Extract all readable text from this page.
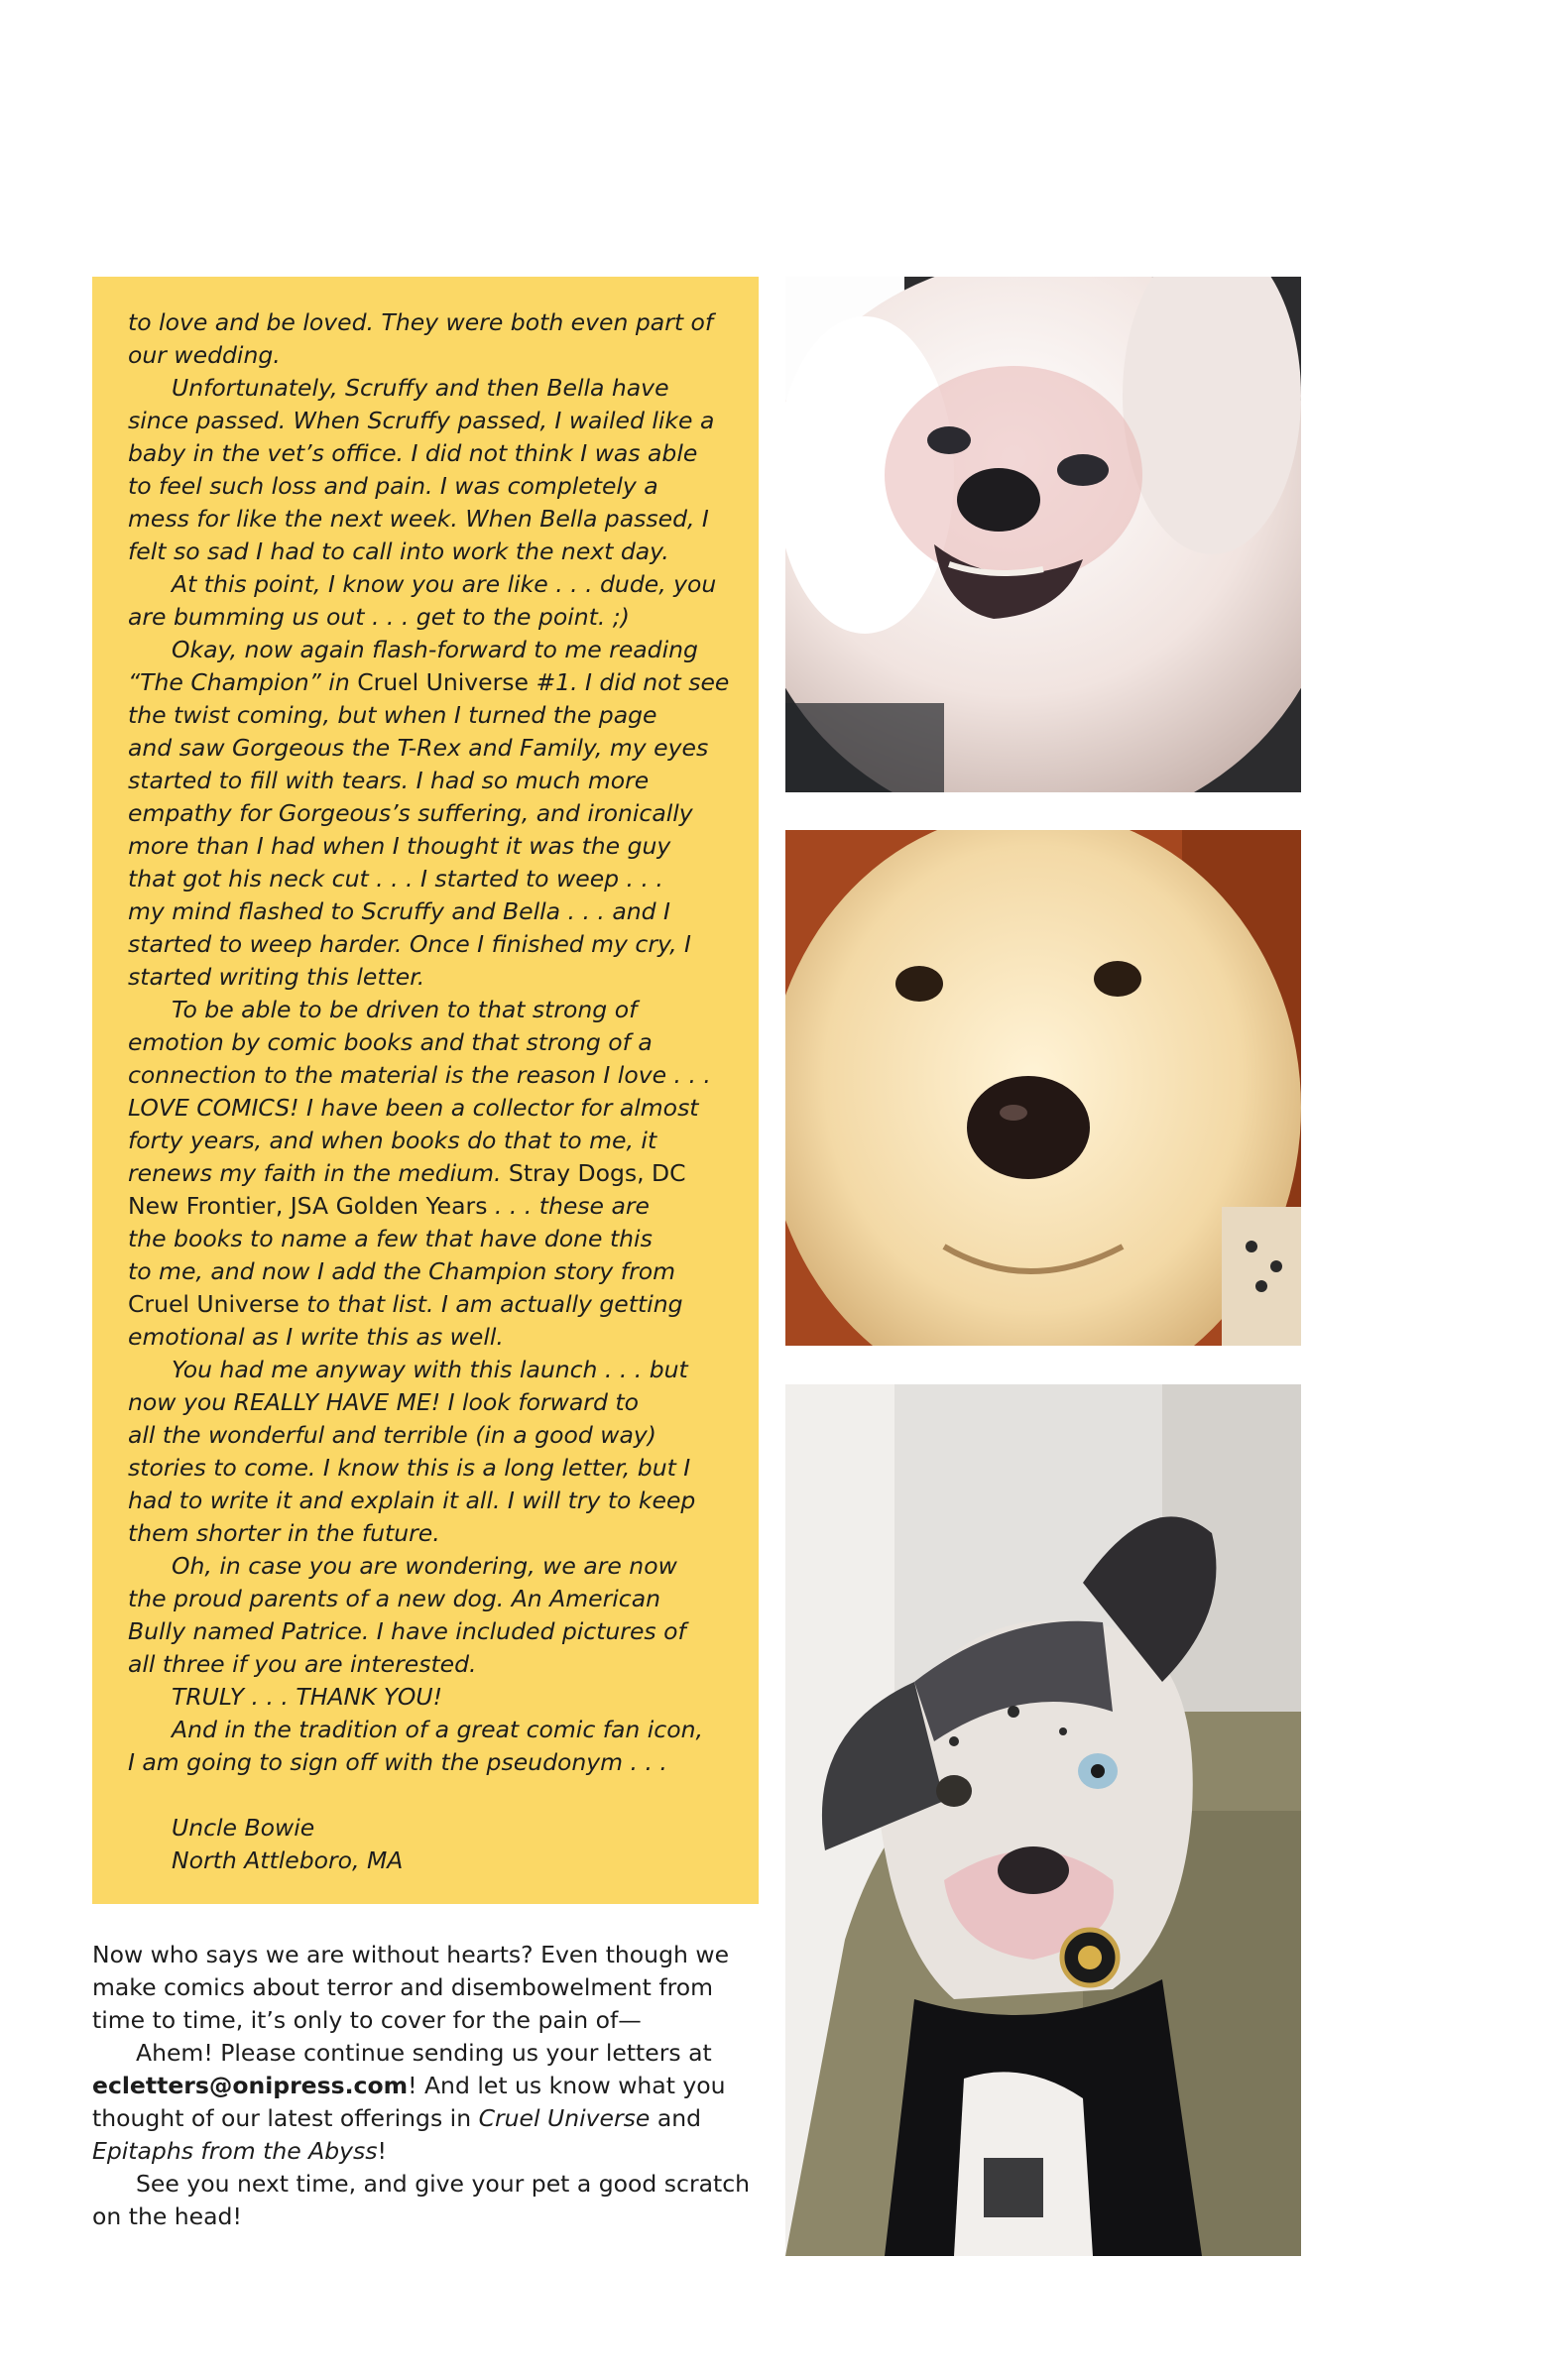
to love and be loved. They were both even part of

our wedding.

Unfortunately, Scruffy and then Bella have

since passed. When Scruffy passed, I wailed like a

baby in the vet’s office. I did not think I was able

to feel such loss and pain. I was completely a

mess for like the next week. When Bella passed, I

felt so sad I had to call into work the next day.

At this point, I know you are like . . . dude, you

are bumming us out . . . get to the point. ;)

Okay, now again flash-forward to me reading

“The Champion” in Cruel Universe #1. I did not see

the twist coming, but when I turned the page

and saw Gorgeous the T-Rex and Family, my eyes

started to fill with tears. I had so much more

empathy for Gorgeous’s suffering, and ironically

more than I had when I thought it was the guy

that got his neck cut . . . I started to weep . . .

my mind flashed to Scruffy and Bella . . . and I

started to weep harder. Once I finished my cry, I

started writing this letter.

To be able to be driven to that strong of

emotion by comic books and that strong of a

connection to the material is the reason I love . . .

LOVE COMICS! I have been a collector for almost

forty years, and when books do that to me, it

renews my faith in the medium. Stray Dogs, DC

New Frontier, JSA Golden Years . . . these are

the books to name a few that have done this

to me, and now I add the Champion story from

Cruel Universe to that list. I am actually getting

emotional as I write this as well.

You had me anyway with this launch . . . but

now you REALLY HAVE ME! I look forward to

all the wonderful and terrible (in a good way)

stories to come. I know this is a long letter, but I

had to write it and explain it all. I will try to keep

them shorter in the future.

Oh, in case you are wondering, we are now

the proud parents of a new dog. An American

Bully named Patrice. I have included pictures of

all three if you are interested.

TRULY . . . THANK YOU!

And in the tradition of a great comic fan icon,

I am going to sign off with the pseudonym . . .

Uncle Bowie

North Attleboro, MA

Now who says we are without hearts? Even though we

make comics about terror and disembowelment from

time to time, it’s only to cover for the pain of—

Ahem! Please continue sending us your letters at

ecletters@onipress.com! And let us know what you

thought of our latest offerings in Cruel Universe and

Epitaphs from the Abyss!

See you next time, and give your pet a good scratch

on the head!
